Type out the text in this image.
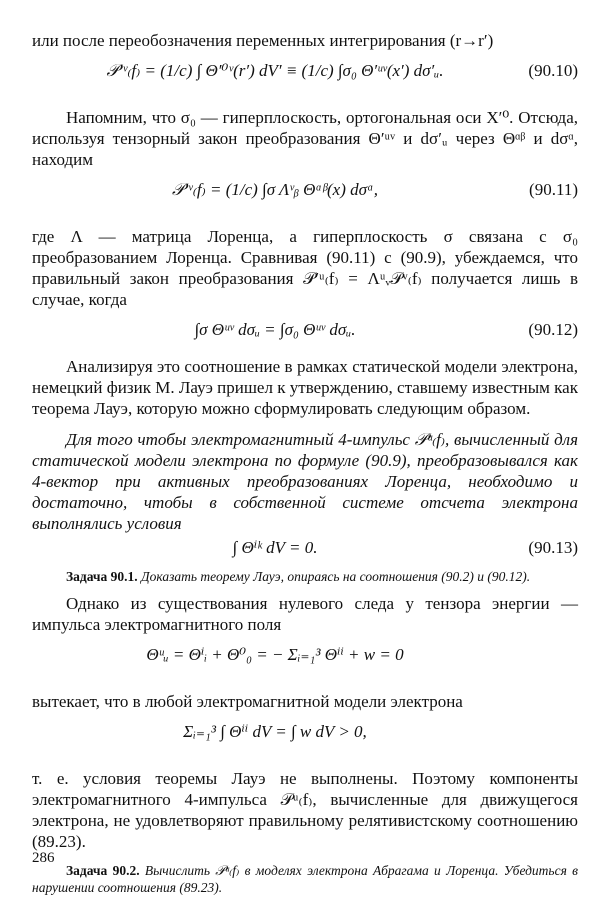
или после переобозначения переменных интегрирования (r→r′)

𝒫′ᵛ₍f₎ = (1/c) ∫ Θ′⁰ᵛ(r′) dV′ ≡ (1/c) ∫σ₀ Θ′ᵘᵛ(x′) dσ′ᵤ.	(90.10)

Напомним, что σ₀ — гиперплоскость, ортогональная оси X′⁰. Отсюда, используя тензорный закон преобразования Θ′ᵘᵛ и dσ′ᵤ через Θᵅᵝ и dσᵅ, находим

𝒫′ᵛ₍f₎ = (1/c) ∫σ Λᵛᵦ Θᵅᵝ(x) dσᵅ,	(90.11)

где Λ — матрица Лоренца, а гиперплоскость σ связана с σ₀ преобразованием Лоренца. Сравнивая (90.11) с (90.9), убеждаемся, что правильный закон преобразования 𝒫′ᵘ₍f₎ = Λᵘᵥ𝒫ᵛ₍f₎ получается лишь в случае, когда

∫σ Θᵘᵛ dσᵤ = ∫σ₀ Θᵘᵛ dσᵤ.	(90.12)

Анализируя это соотношение в рамках статической модели электрона, немецкий физик М. Лауэ пришел к утверждению, ставшему известным как теорема Лауэ, которую можно сформулировать следующим образом.

Для того чтобы электромагнитный 4-импульс 𝒫ᵘ₍f₎, вычисленный для статической модели электрона по формуле (90.9), преобразовывался как 4-вектор при активных преобразованиях Лоренца, необходимо и достаточно, чтобы в собственной системе отсчета электрона выполнялись условия

∫ Θⁱᵏ dV = 0.	(90.13)

Задача 90.1. Доказать теорему Лауэ, опираясь на соотношения (90.2) и (90.12).

Однако из существования нулевого следа у тензора энергии — импульса электромагнитного поля

Θᵘᵤ = Θⁱᵢ + Θ⁰₀ = − Σᵢ₌₁³ Θⁱⁱ + w = 0

вытекает, что в любой электромагнитной модели электрона

Σᵢ₌₁³ ∫ Θⁱⁱ dV = ∫ w dV > 0,

т. е. условия теоремы Лауэ не выполнены. Поэтому компоненты электромагнитного 4-импульса 𝒫ᵘ₍f₎, вычисленные для движущегося электрона, не удовлетворяют правильному релятивистскому соотношению (89.23).

Задача 90.2. Вычислить 𝒫ᵘ₍f₎ в моделях электрона Абрагама и Лоренца. Убедиться в нарушении соотношения (89.23).

286
